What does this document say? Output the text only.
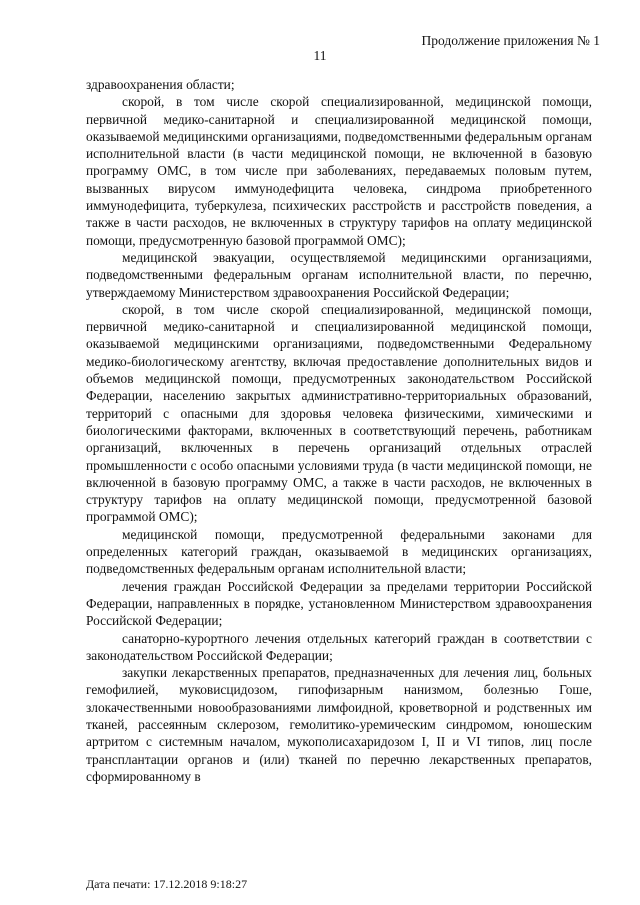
Продолжение приложения № 1
11

здравоохранения области;

скорой, в том числе скорой специализированной, медицинской помощи, первичной медико-санитарной и специализированной медицинской помощи, оказываемой медицинскими организациями, подведомственными федеральным органам исполнительной власти (в части медицинской помощи, не включенной в базовую программу ОМС, в том числе при заболеваниях, передаваемых половым путем, вызванных вирусом иммунодефицита человека, синдрома приобретенного иммунодефицита, туберкулеза, психических расстройств и расстройств поведения, а также в части расходов, не включенных в структуру тарифов на оплату медицинской помощи, предусмотренную базовой программой ОМС);

медицинской эвакуации, осуществляемой медицинскими организациями, подведомственными федеральным органам исполнительной власти, по перечню, утверждаемому Министерством здравоохранения Российской Федерации;

скорой, в том числе скорой специализированной, медицинской помощи, первичной медико-санитарной и специализированной медицинской помощи, оказываемой медицинскими организациями, подведомственными Федеральному медико-биологическому агентству, включая предоставление дополнительных видов и объемов медицинской помощи, предусмотренных законодательством Российской Федерации, населению закрытых административно-территориальных образований, территорий с опасными для здоровья человека физическими, химическими и биологическими факторами, включенных в соответствующий перечень, работникам организаций, включенных в перечень организаций отдельных отраслей промышленности с особо опасными условиями труда (в части медицинской помощи, не включенной в базовую программу ОМС, а также в части расходов, не включенных в структуру тарифов на оплату медицинской помощи, предусмотренной базовой программой ОМС);

медицинской помощи, предусмотренной федеральными законами для определенных категорий граждан, оказываемой в медицинских организациях, подведомственных федеральным органам исполнительной власти;

лечения граждан Российской Федерации за пределами территории Российской Федерации, направленных в порядке, установленном Министерством здравоохранения Российской Федерации;

санаторно-курортного лечения отдельных категорий граждан в соответствии с законодательством Российской Федерации;

закупки лекарственных препаратов, предназначенных для лечения лиц, больных гемофилией, муковисцидозом, гипофизарным нанизмом, болезнью Гоше, злокачественными новообразованиями лимфоидной, кроветворной и родственных им тканей, рассеянным склерозом, гемолитико-уремическим синдромом, юношеским артритом с системным началом, мукополисахаридозом I, II и VI типов, лиц после трансплантации органов и (или) тканей по перечню лекарственных препаратов, сформированному в

Дата печати: 17.12.2018 9:18:27
